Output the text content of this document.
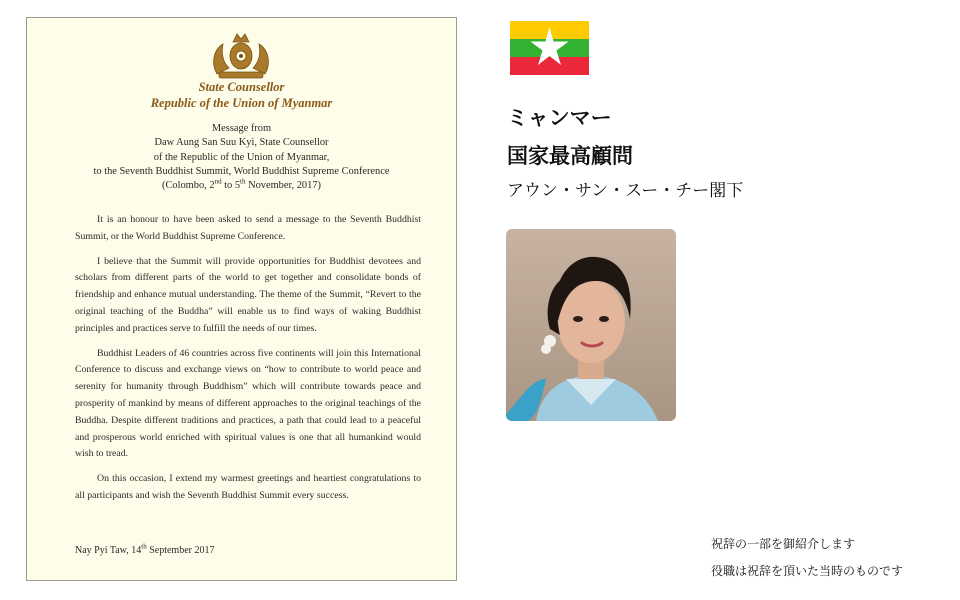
State Counsellor
Republic of the Union of Myanmar
Message from
Daw Aung San Suu Kyi, State Counsellor
of the Republic of the Union of Myanmar,
to the Seventh Buddhist Summit, World Buddhist Supreme Conference
(Colombo, 2nd to 5th November, 2017)

It is an honour to have been asked to send a message to the Seventh Buddhist Summit, or the World Buddhist Supreme Conference.

I believe that the Summit will provide opportunities for Buddhist devotees and scholars from different parts of the world to get together and consolidate bonds of friendship and enhance mutual understanding. The theme of the Summit, “Revert to the original teaching of the Buddha” will enable us to find ways of waking Buddhist principles and practices serve to fulfill the needs of our times.

Buddhist Leaders of 46 countries across five continents will join this International Conference to discuss and exchange views on “how to contribute to world peace and serenity for humanity through Buddhism” which will contribute towards peace and prosperity of mankind by means of different approaches to the original teachings of the Buddha. Despite different traditions and practices, a path that could lead to a peaceful and prosperous world enriched with spiritual values is one that all humankind would wish to tread.

On this occasion, I extend my warmest greetings and heartiest congratulations to all participants and wish the Seventh Buddhist Summit every success.

Nay Pyi Taw, 14th September 2017
ミャンマー
国家最高顧問
アウン・サン・スー・チー閣下
祝辞の一部を御紹介します
役職は祝辞を頂いた当時のものです
